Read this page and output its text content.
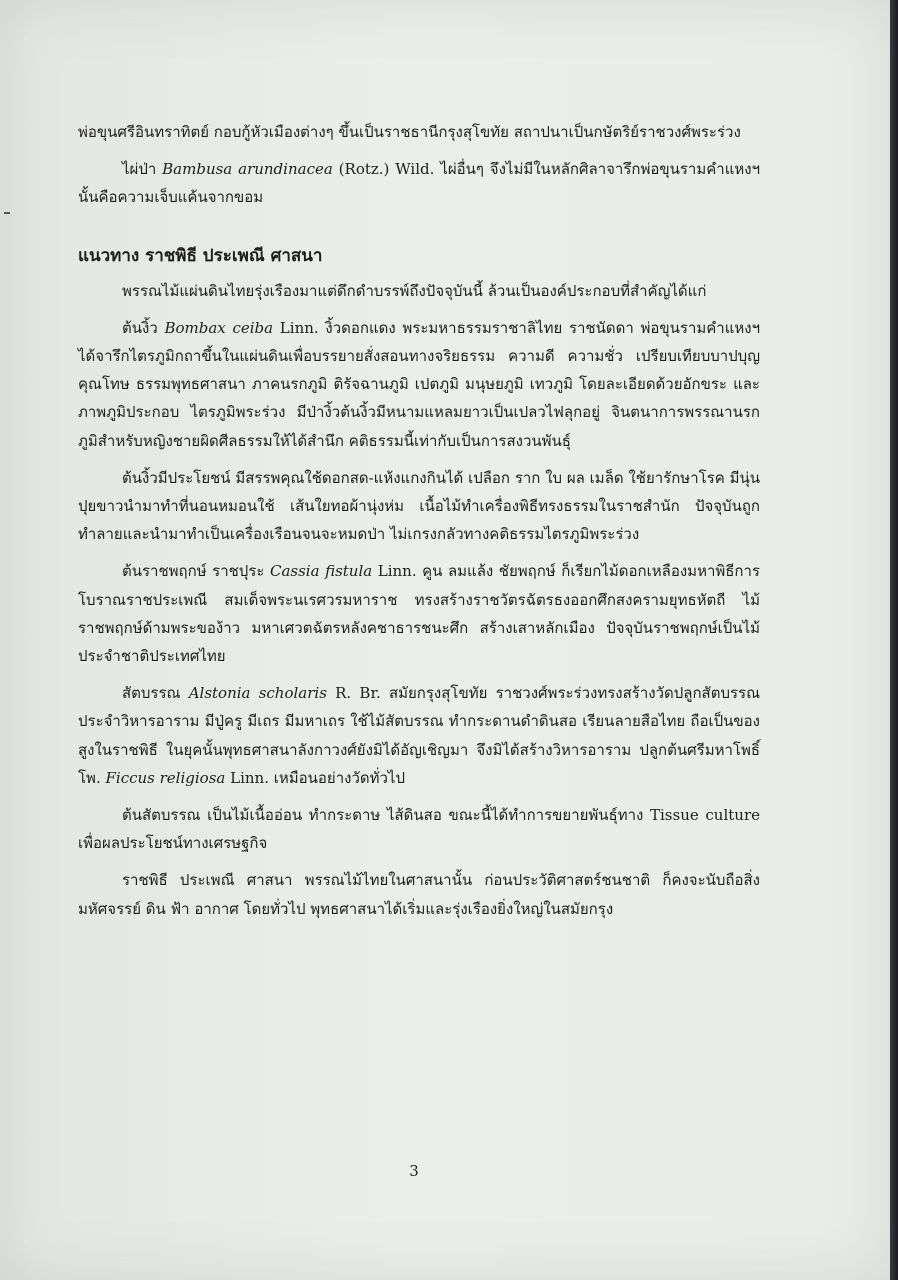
พ่อขุนศรีอินทราทิตย์ กอบกู้หัวเมืองต่างๆ ขึ้นเป็นราชธานีกรุงสุโขทัย สถาปนาเป็นกษัตริย์ราชวงศ์พระร่วง

ไผ่ป่า Bambusa arundinacea (Rotz.) Wild. ไผ่อื่นๆ จึงไม่มีในหลักศิลาจารึกพ่อขุนรามคำแหงฯ นั้นคือความเจ็บแค้นจากขอม

แนวทาง ราชพิธี ประเพณี ศาสนา

พรรณไม้แผ่นดินไทยรุ่งเรืองมาแต่ดึกดำบรรพ์ถึงปัจจุบันนี้ ล้วนเป็นองค์ประกอบที่สำคัญได้แก่

ต้นงิ้ว Bombax ceiba Linn. งิ้วดอกแดง พระมหาธรรมราชาลิไทย ราชนัดดา พ่อขุนรามคำแหงฯ ได้จารึกไตรภูมิกถาขึ้นในแผ่นดินเพื่อบรรยายสั่งสอนทางจริยธรรม ความดี ความชั่ว เปรียบเทียบบาปบุญคุณโทษ ธรรมพุทธศาสนา ภาคนรกภูมิ ติรัจฉานภูมิ เปตภูมิ มนุษยภูมิ เทวภูมิ โดยละเอียดด้วยอักขระ และภาพภูมิประกอบ ไตรภูมิพระร่วง มีป่างิ้วต้นงิ้วมีหนามแหลมยาวเป็นเปลวไฟลุกอยู่ จินตนาการพรรณานรกภูมิสำหรับหญิงชายผิดศีลธรรมให้ได้สำนึก คติธรรมนี้เท่ากับเป็นการสงวนพันธุ์

ต้นงิ้วมีประโยชน์ มีสรรพคุณใช้ดอกสด-แห้งแกงกินได้ เปลือก ราก ใบ ผล เมล็ด ใช้ยารักษาโรค มีนุ่นปุยขาวนำมาทำที่นอนหมอนใช้ เส้นใยทอผ้านุ่งห่ม เนื้อไม้ทำเครื่องพิธีทรงธรรมในราชสำนัก ปัจจุบันถูกทำลายและนำมาทำเป็นเครื่องเรือนจนจะหมดป่า ไม่เกรงกลัวทางคติธรรมไตรภูมิพระร่วง

ต้นราชพฤกษ์ ราชปุระ Cassia fistula Linn. คูน ลมแล้ง ชัยพฤกษ์ ก็เรียกไม้ดอกเหลืองมหาพิธีการโบราณราชประเพณี สมเด็จพระนเรศวรมหาราช ทรงสร้างราชวัตรฉัตรธงออกศึกสงครามยุทธหัตถี ไม้ราชพฤกษ์ด้ามพระของ้าว มหาเศวตฉัตรหลังคชาธารชนะศึก สร้างเสาหลักเมือง ปัจจุบันราชพฤกษ์เป็นไม้ประจำชาติประเทศไทย

สัตบรรณ Alstonia scholaris R. Br. สมัยกรุงสุโขทัย ราชวงศ์พระร่วงทรงสร้างวัดปลูกสัตบรรณ ประจำวิหารอาราม มีปู่ครู มีเถร มีมหาเถร ใช้ไม้สัตบรรณ ทำกระดานดำดินสอ เรียนลายสือไทย ถือเป็นของสูงในราชพิธี ในยุคนั้นพุทธศาสนาลังกาวงศ์ยังมิได้อัญเชิญมา จึงมิได้สร้างวิหารอาราม ปลูกต้นศรีมหาโพธิ์ โพ. Ficcus religiosa Linn. เหมือนอย่างวัดทั่วไป

ต้นสัตบรรณ เป็นไม้เนื้ออ่อน ทำกระดาษ ไส้ดินสอ ขณะนี้ได้ทำการขยายพันธุ์ทาง Tissue culture เพื่อผลประโยชน์ทางเศรษฐกิจ

ราชพิธี ประเพณี ศาสนา พรรณไม้ไทยในศาสนานั้น ก่อนประวัติศาสตร์ชนชาติ ก็คงจะนับถือสิ่งมหัศจรรย์ ดิน ฟ้า อากาศ โดยทั่วไป พุทธศาสนาได้เริ่มและรุ่งเรืองยิ่งใหญ่ในสมัยกรุง

3
